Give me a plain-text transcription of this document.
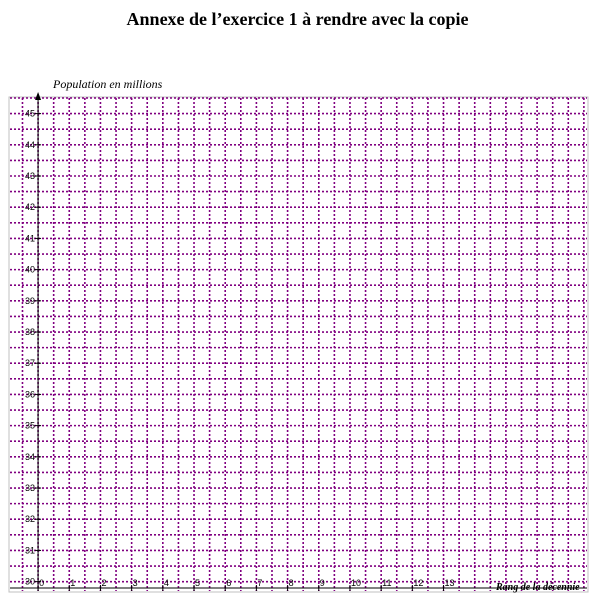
Annexe de l’exercice 1 à rendre avec la copie
30
31
32
33
34
35
36
37
38
39
40
41
42
43
44
45
0	1	2	3	4	5	6	7	8	9	10 11 12 13
Population en millions
Rang de la décennie
